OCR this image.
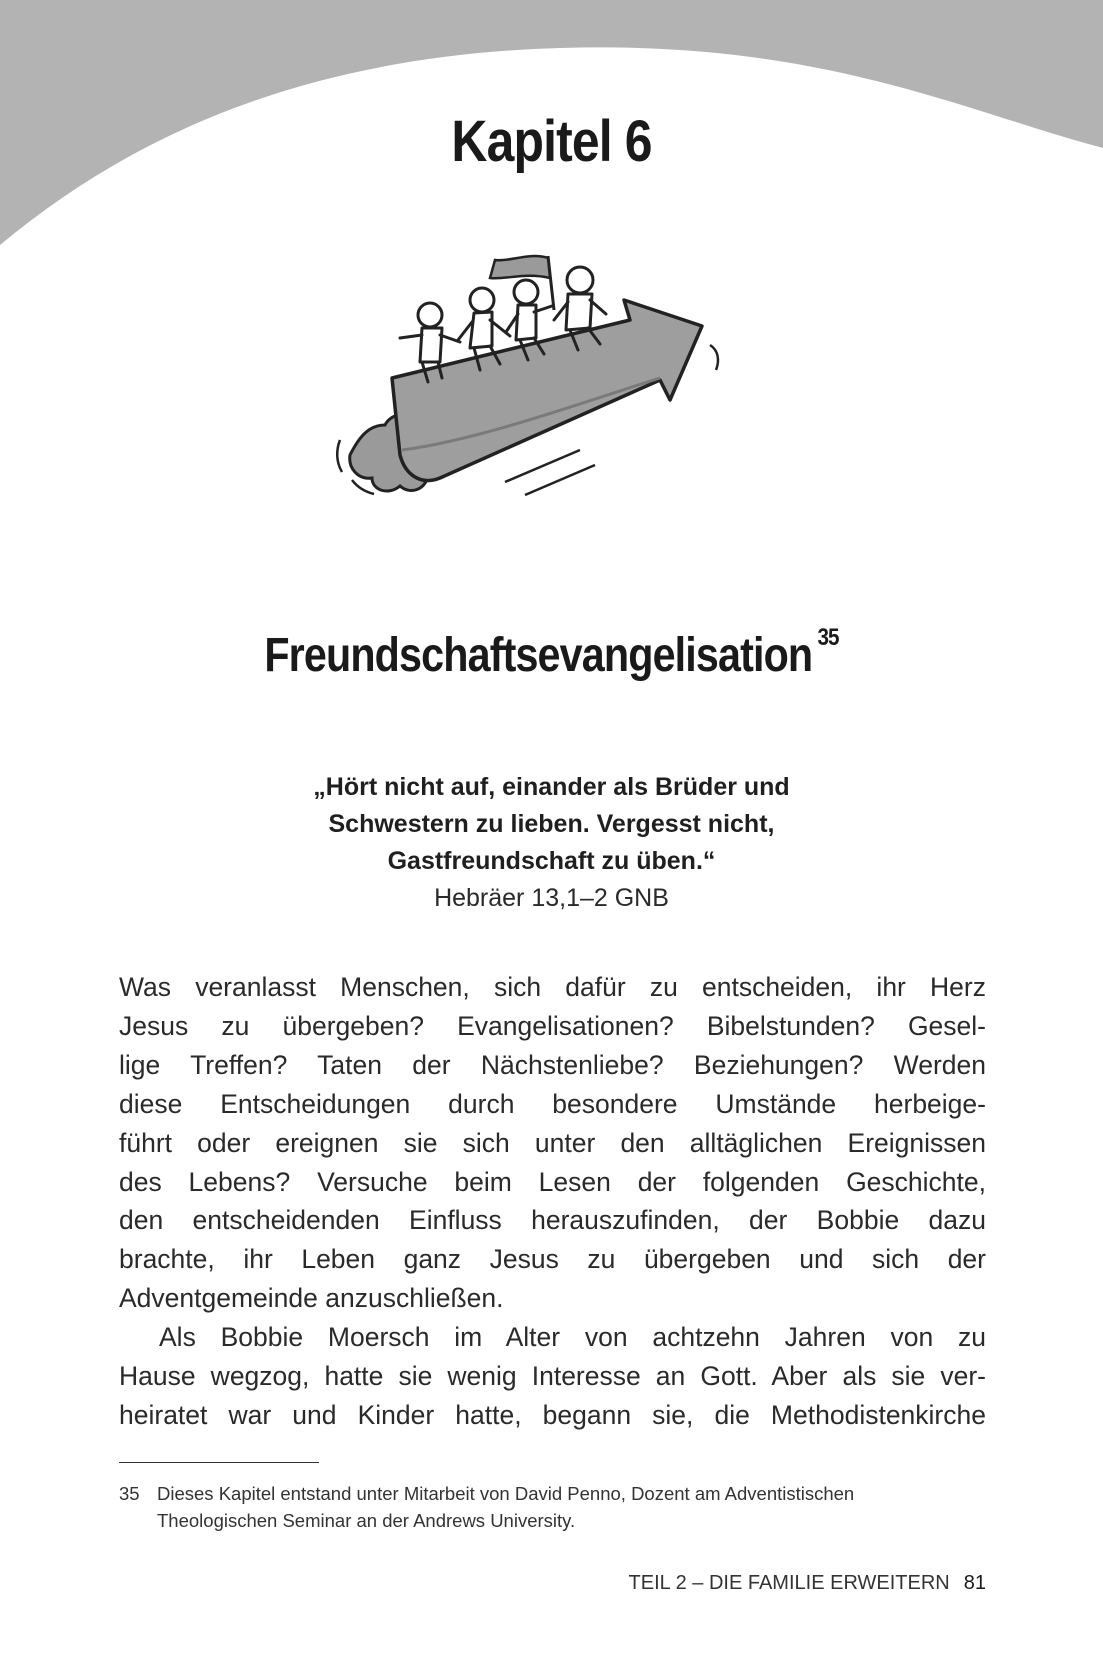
Kapitel 6
Freundschaftsevangelisation $^{35}$
„Hört nicht auf, einander als Brüder und
Schwestern zu lieben. Vergesst nicht,
Gastfreundschaft zu üben.“
Hebräer 13,1–2 GNB
Was veranlasst Menschen, sich dafür zu entscheiden, ihr Herz
Jesus zu übergeben? Evangelisationen? Bibelstunden? Gesel-
lige Treffen? Taten der Nächstenliebe? Beziehungen? Werden
diese Entscheidungen durch besondere Umstände herbeige-
führt oder ereignen sie sich unter den alltäglichen Ereignissen
des Lebens? Versuche beim Lesen der folgenden Geschichte,
den entscheidenden Einfluss herauszufinden, der Bobbie dazu
brachte, ihr Leben ganz Jesus zu übergeben und sich der
Adventgemeinde anzuschließen.
Als Bobbie Moersch im Alter von achtzehn Jahren von zu
Hause wegzog, hatte sie wenig Interesse an Gott. Aber als sie ver-
heiratet war und Kinder hatte, begann sie, die Methodistenkirche
35 Dieses Kapitel entstand unter Mitarbeit von David Penno, Dozent am Adventistischen
Theologischen Seminar an der Andrews University.
TEIL 2 – DIE FAMILIE ERWEITERN 81
